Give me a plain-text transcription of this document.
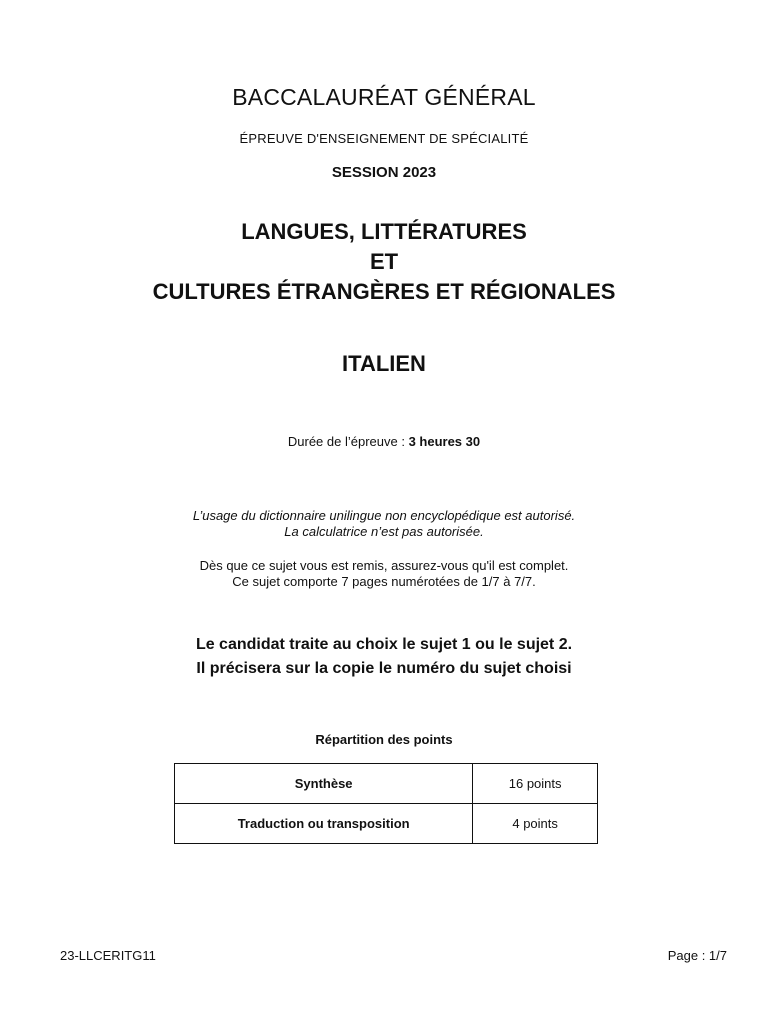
BACCALAURÉAT GÉNÉRAL
ÉPREUVE D'ENSEIGNEMENT DE SPÉCIALITÉ
SESSION 2023
LANGUES, LITTÉRATURES
ET
CULTURES ÉTRANGÈRES ET RÉGIONALES
ITALIEN
Durée de l’épreuve : 3 heures 30
L’usage du dictionnaire unilingue non encyclopédique est autorisé.
La calculatrice n’est pas autorisée.
Dès que ce sujet vous est remis, assurez-vous qu'il est complet.
Ce sujet comporte 7 pages numérotées de 1/7 à 7/7.
Le candidat traite au choix le sujet 1 ou le sujet 2.
Il précisera sur la copie le numéro du sujet choisi
Répartition des points
Synthèse	16 points
Traduction ou transposition	4 points
23-LLCERITG11	Page : 1/7
